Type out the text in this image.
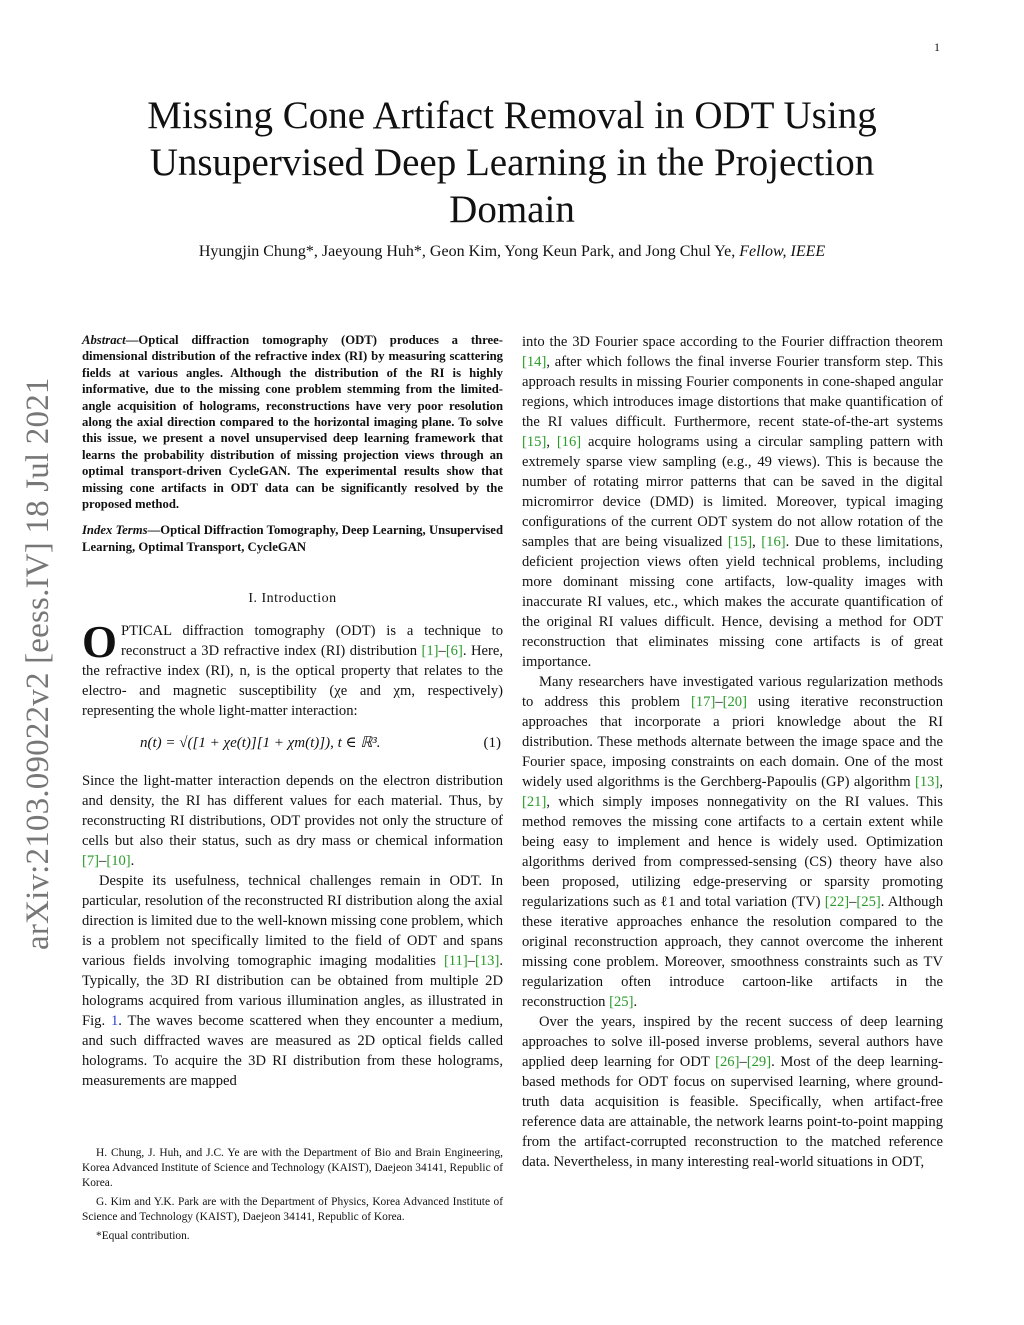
1
arXiv:2103.09022v2 [eess.IV] 18 Jul 2021
Missing Cone Artifact Removal in ODT Using Unsupervised Deep Learning in the Projection Domain
Hyungjin Chung*, Jaeyoung Huh*, Geon Kim, Yong Keun Park, and Jong Chul Ye, Fellow, IEEE

Abstract—Optical diffraction tomography (ODT) produces a three-dimensional distribution of the refractive index (RI) by measuring scattering fields at various angles. Although the distribution of the RI is highly informative, due to the missing cone problem stemming from the limited-angle acquisition of holograms, reconstructions have very poor resolution along the axial direction compared to the horizontal imaging plane. To solve this issue, we present a novel unsupervised deep learning framework that learns the probability distribution of missing projection views through an optimal transport-driven CycleGAN. The experimental results show that missing cone artifacts in ODT data can be significantly resolved by the proposed method.

Index Terms—Optical Diffraction Tomography, Deep Learning, Unsupervised Learning, Optimal Transport, CycleGAN

I. Introduction

OPTICAL diffraction tomography (ODT) is a technique to reconstruct a 3D refractive index (RI) distribution [1]–[6]. Here, the refractive index (RI), n, is the optical property that relates to the electro- and magnetic susceptibility (χe and χm, respectively) representing the whole light-matter interaction:

n(t) = √([1 + χe(t)][1 + χm(t)]), t ∈ ℝ³.	(1)

Since the light-matter interaction depends on the electron distribution and density, the RI has different values for each material. Thus, by reconstructing RI distributions, ODT provides not only the structure of cells but also their status, such as dry mass or chemical information [7]–[10].

Despite its usefulness, technical challenges remain in ODT. In particular, resolution of the reconstructed RI distribution along the axial direction is limited due to the well-known missing cone problem, which is a problem not specifically limited to the field of ODT and spans various fields involving tomographic imaging modalities [11]–[13]. Typically, the 3D RI distribution can be obtained from multiple 2D holograms acquired from various illumination angles, as illustrated in Fig. 1. The waves become scattered when they encounter a medium, and such diffracted waves are measured as 2D optical fields called holograms. To acquire the 3D RI distribution from these holograms, measurements are mapped

H. Chung, J. Huh, and J.C. Ye are with the Department of Bio and Brain Engineering, Korea Advanced Institute of Science and Technology (KAIST), Daejeon 34141, Republic of Korea.

G. Kim and Y.K. Park are with the Department of Physics, Korea Advanced Institute of Science and Technology (KAIST), Daejeon 34141, Republic of Korea.

*Equal contribution.

into the 3D Fourier space according to the Fourier diffraction theorem [14], after which follows the final inverse Fourier transform step. This approach results in missing Fourier components in cone-shaped angular regions, which introduces image distortions that make quantification of the RI values difficult. Furthermore, recent state-of-the-art systems [15], [16] acquire holograms using a circular sampling pattern with extremely sparse view sampling (e.g., 49 views). This is because the number of rotating mirror patterns that can be saved in the digital micromirror device (DMD) is limited. Moreover, typical imaging configurations of the current ODT system do not allow rotation of the samples that are being visualized [15], [16]. Due to these limitations, deficient projection views often yield technical problems, including more dominant missing cone artifacts, low-quality images with inaccurate RI values, etc., which makes the accurate quantification of the original RI values difficult. Hence, devising a method for ODT reconstruction that eliminates missing cone artifacts is of great importance.

Many researchers have investigated various regularization methods to address this problem [17]–[20] using iterative reconstruction approaches that incorporate a priori knowledge about the RI distribution. These methods alternate between the image space and the Fourier space, imposing constraints on each domain. One of the most widely used algorithms is the Gerchberg-Papoulis (GP) algorithm [13], [21], which simply imposes nonnegativity on the RI values. This method removes the missing cone artifacts to a certain extent while being easy to implement and hence is widely used. Optimization algorithms derived from compressed-sensing (CS) theory have also been proposed, utilizing edge-preserving or sparsity promoting regularizations such as ℓ1 and total variation (TV) [22]–[25]. Although these iterative approaches enhance the resolution compared to the original reconstruction approach, they cannot overcome the inherent missing cone problem. Moreover, smoothness constraints such as TV regularization often introduce cartoon-like artifacts in the reconstruction [25].

Over the years, inspired by the recent success of deep learning approaches to solve ill-posed inverse problems, several authors have applied deep learning for ODT [26]–[29]. Most of the deep learning-based methods for ODT focus on supervised learning, where ground-truth data acquisition is feasible. Specifically, when artifact-free reference data are attainable, the network learns point-to-point mapping from the artifact-corrupted reconstruction to the matched reference data. Nevertheless, in many interesting real-world situations in ODT,
